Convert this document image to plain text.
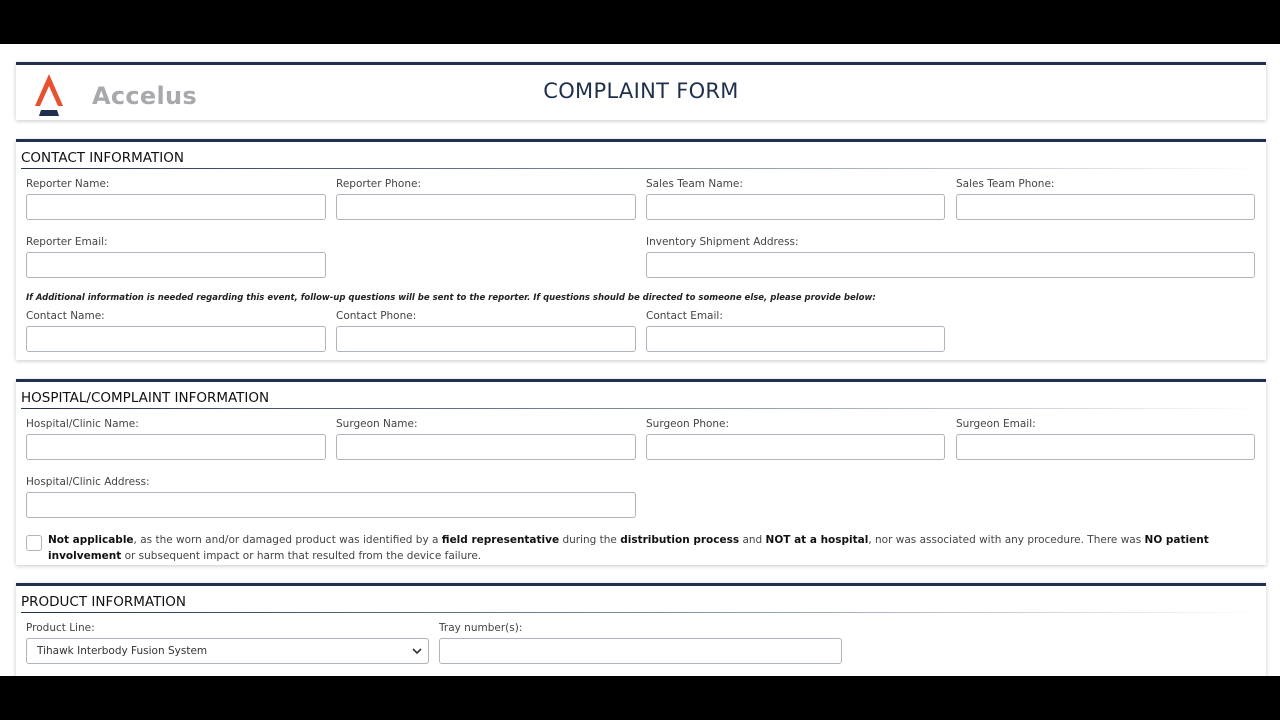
Accelus	COMPLAINT FORM
CONTACT INFORMATION
Reporter Name:	Reporter Phone:	Sales Team Name:	Sales Team Phone:
Reporter Email:	Inventory Shipment Address:
If Additional information is needed regarding this event, follow-up questions will be sent to the reporter. If questions should be directed to someone else, please provide below:
Contact Name:	Contact Phone:	Contact Email:
HOSPITAL/COMPLAINT INFORMATION
Hospital/Clinic Name:	Surgeon Name:	Surgeon Phone:	Surgeon Email:
Hospital/Clinic Address:
Not applicable, as the worn and/or damaged product was identified by a field representative during the distribution process and NOT at a hospital, nor was associated with any procedure. There was NO patient involvement or subsequent impact or harm that resulted from the device failure.
PRODUCT INFORMATION
Product Line:
Tihawk Interbody Fusion System
Tray number(s):
